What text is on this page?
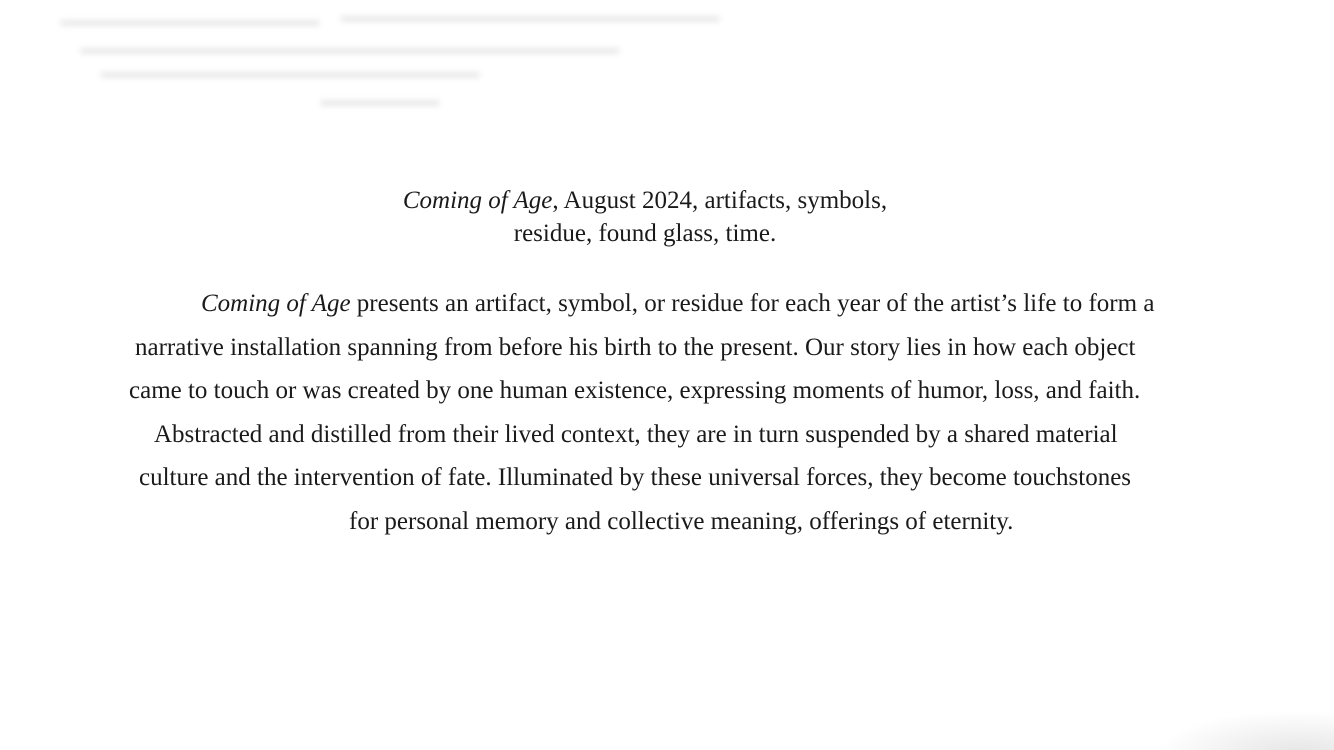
Coming of Age, August 2024, artifacts, symbols,
residue, found glass, time.
Coming of Age presents an artifact, symbol, or residue for each year of the artist’s life to form a
narrative installation spanning from before his birth to the present. Our story lies in how each object
came to touch or was created by one human existence, expressing moments of humor, loss, and faith.
Abstracted and distilled from their lived context, they are in turn suspended by a shared material
culture and the intervention of fate. Illuminated by these universal forces, they become touchstones
for personal memory and collective meaning, offerings of eternity.
